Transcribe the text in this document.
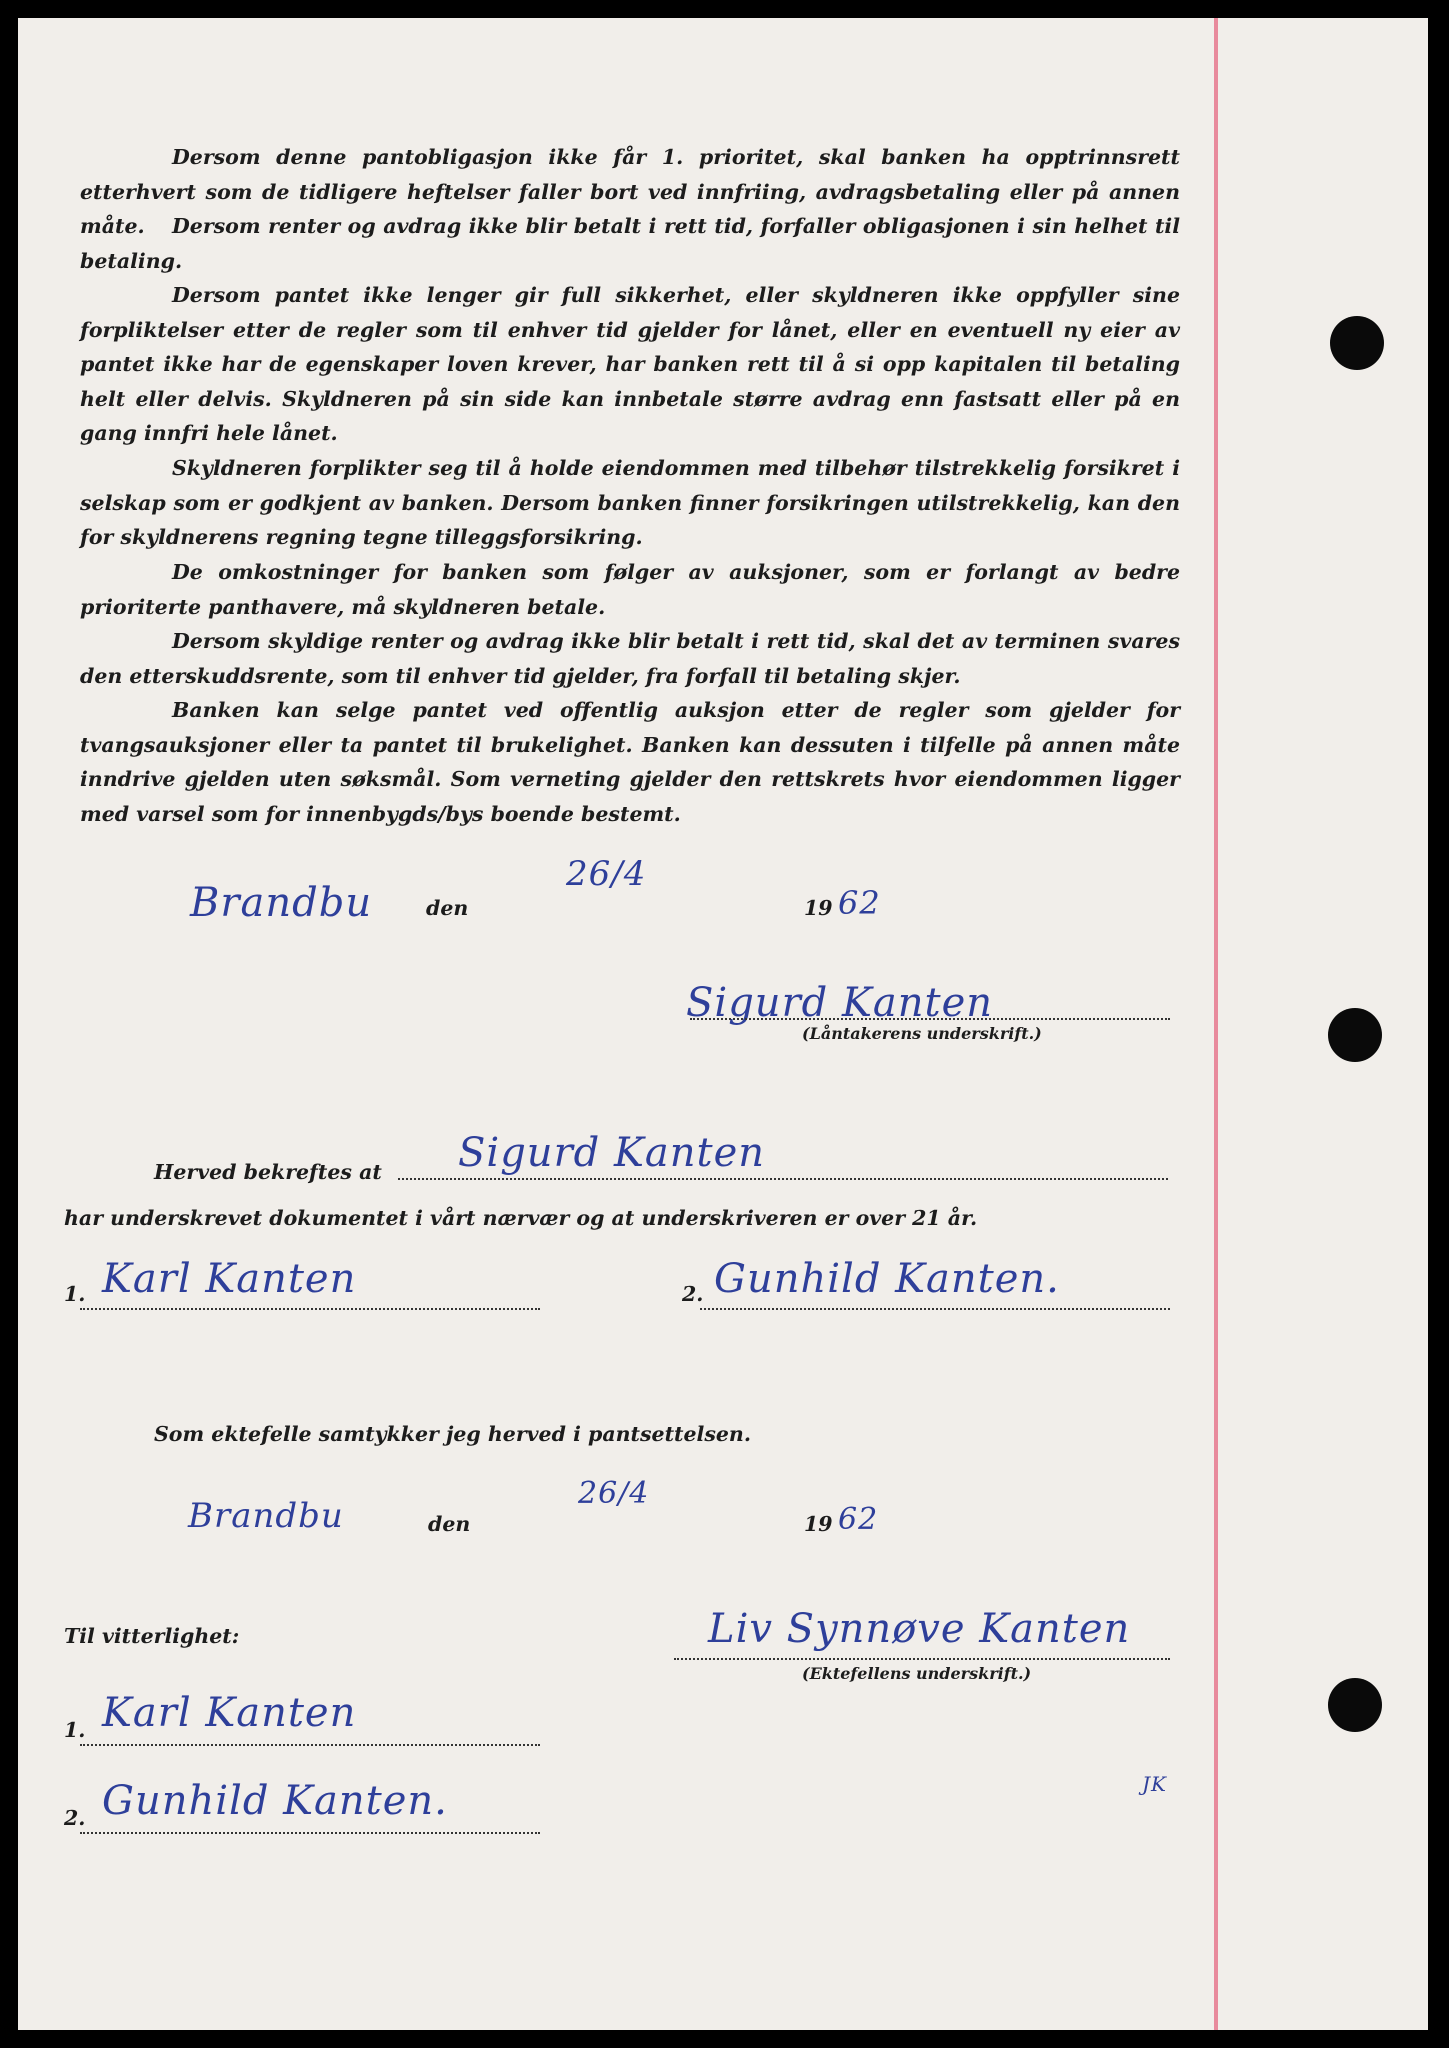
Dersom denne pantobligasjon ikke får 1. prioritet, skal banken ha opptrinnsrett etterhvert som de tidligere heftelser faller bort ved innfriing, avdragsbetaling eller på annen måte.	Dersom renter og avdrag ikke blir betalt i rett tid, forfaller obligasjonen i sin helhet til betaling.

Dersom pantet ikke lenger gir full sikkerhet, eller skyldneren ikke oppfyller sine forpliktelser etter de regler som til enhver tid gjelder for lånet, eller en eventuell ny eier av pantet ikke har de egenskaper loven krever, har banken rett til å si opp kapitalen til betaling helt eller delvis. Skyldneren på sin side kan innbetale større avdrag enn fastsatt eller på en gang innfri hele lånet.

Skyldneren forplikter seg til å holde eiendommen med tilbehør tilstrekkelig forsikret i selskap som er godkjent av banken. Dersom banken finner forsikringen utilstrekkelig, kan den for skyldnerens regning tegne tilleggsforsikring.

De omkostninger for banken som følger av auksjoner, som er forlangt av bedre prioriterte panthavere, må skyldneren betale.

Dersom skyldige renter og avdrag ikke blir betalt i rett tid, skal det av terminen svares den etterskuddsrente, som til enhver tid gjelder, fra forfall til betaling skjer.

Banken kan selge pantet ved offentlig auksjon etter de regler som gjelder for tvangsauksjoner eller ta pantet til brukelighet. Banken kan dessuten i tilfelle på annen måte inndrive gjelden uten søksmål. Som verneting gjelder den rettskrets hvor eiendommen ligger med varsel som for innenbygds/bys boende bestemt.

Brandbu	den
26/4
19 62
Sigurd Kanten
(Låntakerens underskrift.)
Herved bekreftes at Sigurd Kanten
har underskrevet dokumentet i vårt nærvær og at underskriveren er over 21 år.
1. Karl Kanten	2. Gunhild Kanten.
Som ektefelle samtykker jeg herved i pantsettelsen.
Brandbu	den
26/4
19 62
Til vitterlighet:	Liv Synnøve Kanten
(Ektefellens underskrift.)
1. Karl Kanten
2. Gunhild Kanten.	JK
